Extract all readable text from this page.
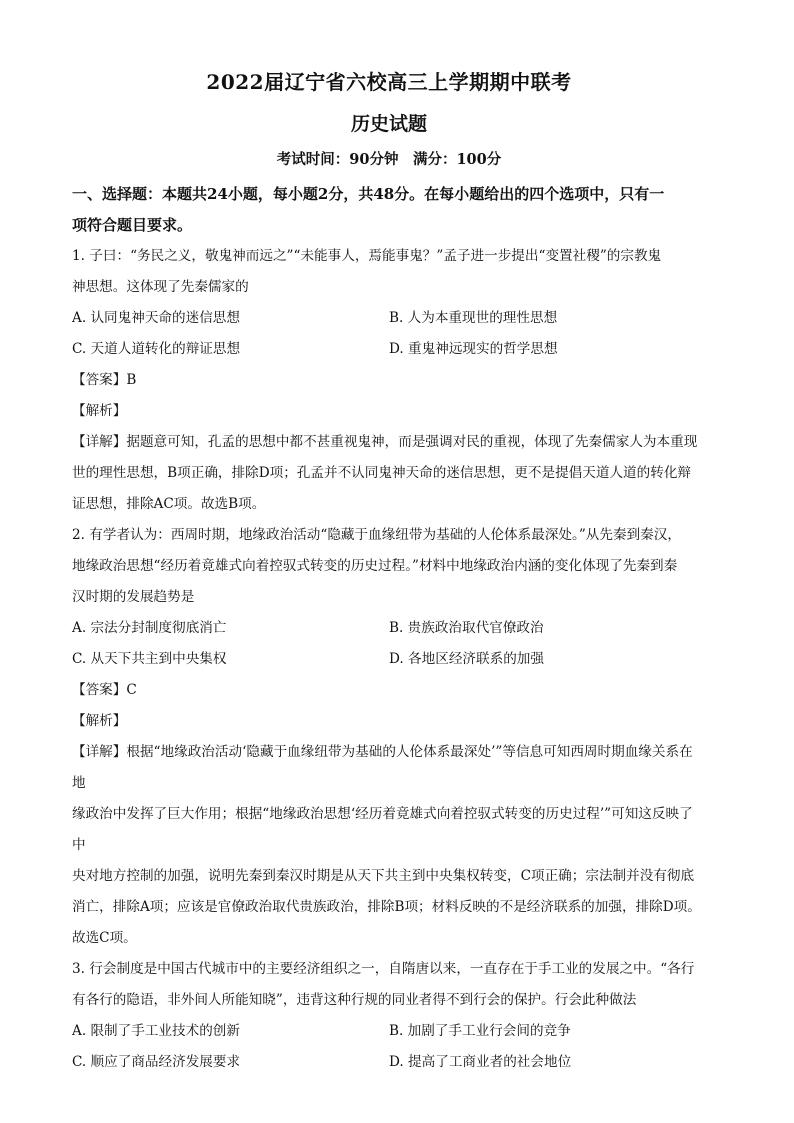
2022届辽宁省六校高三上学期期中联考
历史试题
考试时间：90分钟　满分：100分
一、选择题：本题共24小题，每小题2分，共48分。在每小题给出的四个选项中，只有一
项符合题目要求。
1. 子曰：“务民之义，敬鬼神而远之”“未能事人，焉能事鬼？”孟子进一步提出“变置社稷”的宗教鬼
神思想。这体现了先秦儒家的
A. 认同鬼神天命的迷信思想	B. 人为本重现世的理性思想
C. 天道人道转化的辩证思想	D. 重鬼神远现实的哲学思想
【答案】B
【解析】
【详解】据题意可知，孔孟的思想中都不甚重视鬼神，而是强调对民的重视，体现了先秦儒家人为本重现
世的理性思想，B项正确，排除D项；孔孟并不认同鬼神天命的迷信思想，更不是提倡天道人道的转化辩
证思想，排除AC项。故选B项。
2. 有学者认为：西周时期，地缘政治活动“隐藏于血缘纽带为基础的人伦体系最深处。”从先秦到秦汉，
地缘政治思想“经历着竟雄式向着控驭式转变的历史过程。”材料中地缘政治内涵的变化体现了先秦到秦
汉时期的发展趋势是
A. 宗法分封制度彻底消亡	B. 贵族政治取代官僚政治
C. 从天下共主到中央集权	D. 各地区经济联系的加强
【答案】C
【解析】
【详解】根据“地缘政治活动‘隐藏于血缘纽带为基础的人伦体系最深处’”等信息可知西周时期血缘关系在地
缘政治中发挥了巨大作用；根据“地缘政治思想‘经历着竟雄式向着控驭式转变的历史过程’”可知这反映了中
央对地方控制的加强，说明先秦到秦汉时期是从天下共主到中央集权转变，C项正确；宗法制并没有彻底
消亡，排除A项；应该是官僚政治取代贵族政治，排除B项；材料反映的不是经济联系的加强，排除D项。
故选C项。
3. 行会制度是中国古代城市中的主要经济组织之一，自隋唐以来，一直存在于手工业的发展之中。“各行
有各行的隐语，非外间人所能知晓”，违背这种行规的同业者得不到行会的保护。行会此种做法
A. 限制了手工业技术的创新	B. 加剧了手工业行会间的竞争
C. 顺应了商品经济发展要求	D. 提高了工商业者的社会地位
